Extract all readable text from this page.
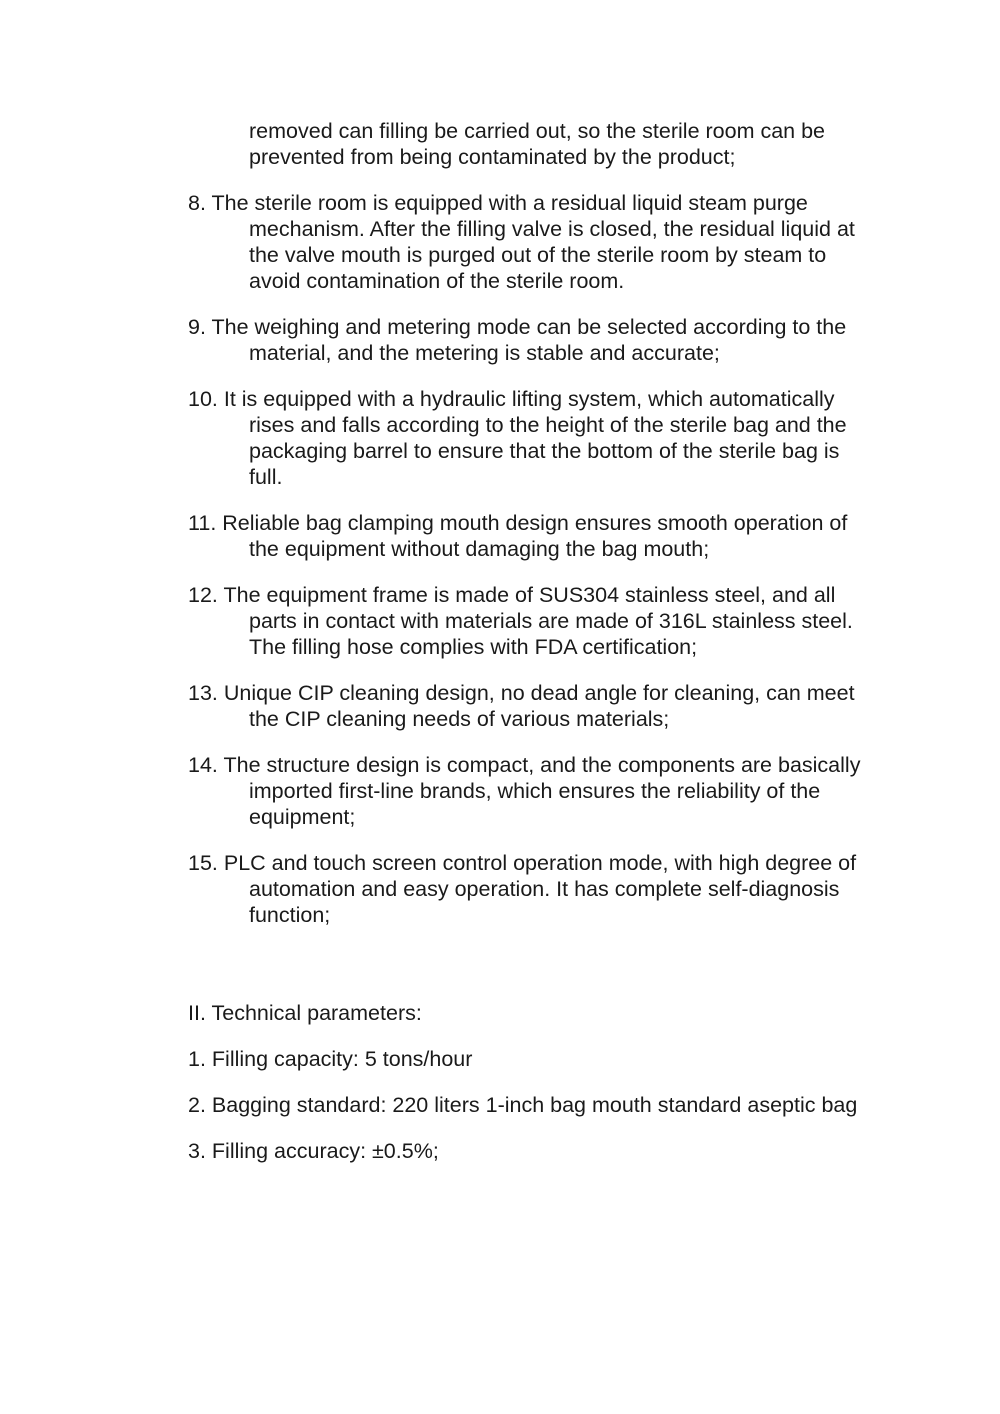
removed can filling be carried out, so the sterile room can be prevented from being contaminated by the product;

8. The sterile room is equipped with a residual liquid steam purge mechanism. After the filling valve is closed, the residual liquid at the valve mouth is purged out of the sterile room by steam to avoid contamination of the sterile room.

9. The weighing and metering mode can be selected according to the material, and the metering is stable and accurate;

10. It is equipped with a hydraulic lifting system, which automatically rises and falls according to the height of the sterile bag and the packaging barrel to ensure that the bottom of the sterile bag is full.

11. Reliable bag clamping mouth design ensures smooth operation of the equipment without damaging the bag mouth;

12. The equipment frame is made of SUS304 stainless steel, and all parts in contact with materials are made of 316L stainless steel. The filling hose complies with FDA certification;

13. Unique CIP cleaning design, no dead angle for cleaning, can meet the CIP cleaning needs of various materials;

14. The structure design is compact, and the components are basically imported first-line brands, which ensures the reliability of the equipment;

15. PLC and touch screen control operation mode, with high degree of automation and easy operation. It has complete self-diagnosis function;

II. Technical parameters:

1. Filling capacity: 5 tons/hour

2. Bagging standard: 220 liters 1-inch bag mouth standard aseptic bag

3. Filling accuracy: ±0.5%;
